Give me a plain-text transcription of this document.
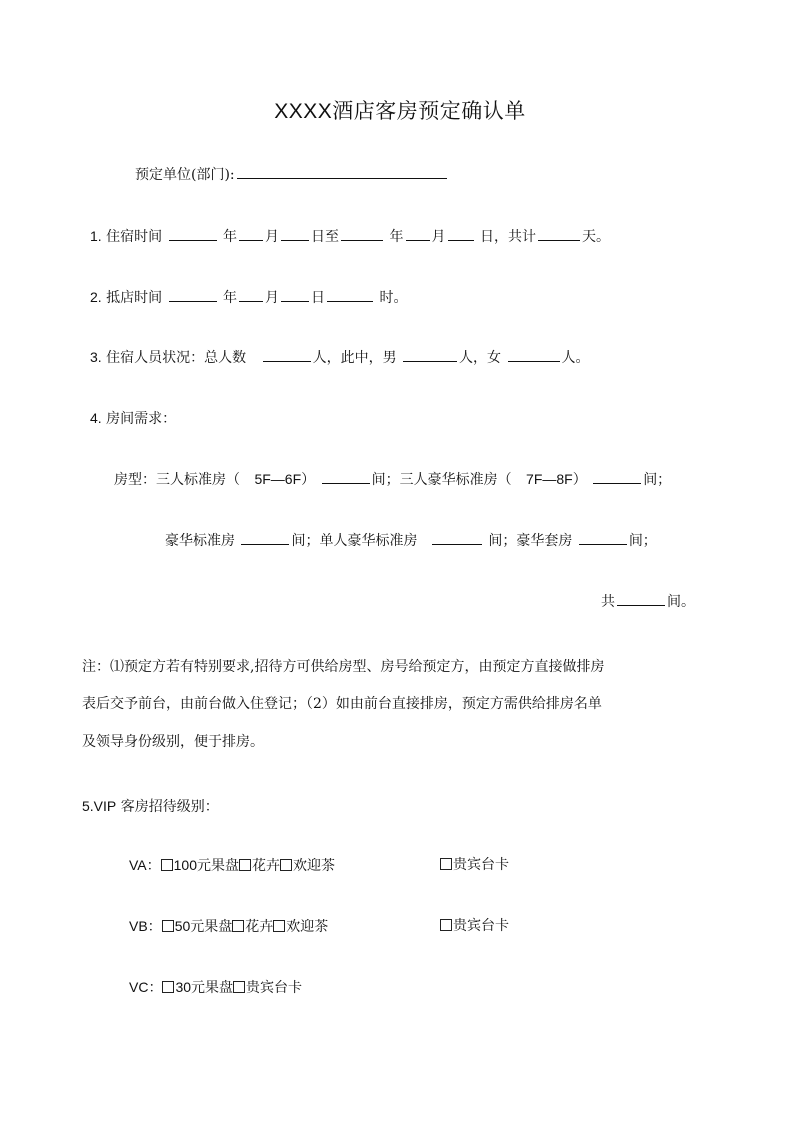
XXXX酒店客房预定确认单
预定单位(部门):
1. 住宿时间	年 月 日至	年 月 日，共计	天。
2. 抵店时间	年 月 日	时。
3. 住宿人员状况：总人数	人，此中，男	人，女	人。
4. 房间需求：
房型：三人标准房（ 5F—6F）	间；三人豪华标准房（ 7F—8F）	间；
豪华标准房	间；单人豪华标准房	间；豪华套房	间；
共	间。
注：⑴预定方若有特别要求,招待方可供给房型、房号给预定方，由预定方直接做排房
表后交予前台，由前台做入住登记；（2）如由前台直接排房，预定方需供给排房名单
及领导身份级别，便于排房。
5.VIP 客房招待级别：
VA： 100元果盘 花卉 欢迎茶	贵宾台卡
VB： 50元果盘 花卉 欢迎茶	贵宾台卡
VC： 30元果盘 贵宾台卡
